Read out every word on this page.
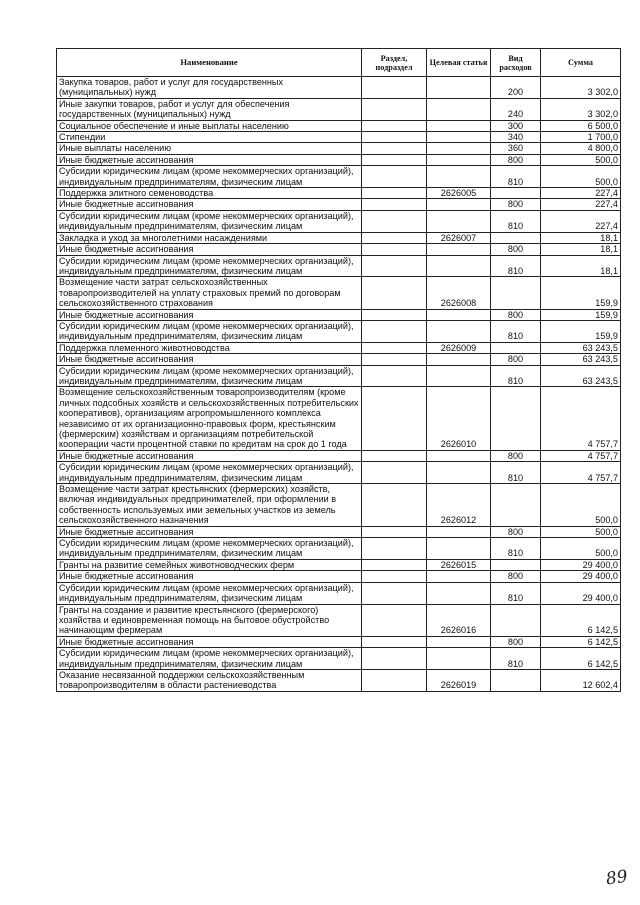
Наименование	Раздел, подраздел	Целевая статья	Вид расходов	Сумма
Закупка товаров, работ и услуг для государственных (муниципальных) нужд			200	3 302,0
Иные закупки товаров, работ и услуг для обеспечения государственных (муниципальных) нужд			240	3 302,0
Социальное обеспечение и иные выплаты населению			300	6 500,0
Стипендии			340	1 700,0
Иные выплаты населению			360	4 800,0
Иные бюджетные ассигнования			800	500,0
Субсидии юридическим лицам (кроме некоммерческих организаций), индивидуальным предпринимателям, физическим лицам			810	500,0
Поддержка элитного семеноводства		2626005		227,4
Иные бюджетные ассигнования			800	227,4
Субсидии юридическим лицам (кроме некоммерческих организаций), индивидуальным предпринимателям, физическим лицам			810	227,4
Закладка и уход за многолетними насаждениями		2626007		18,1
Иные бюджетные ассигнования			800	18,1
Субсидии юридическим лицам (кроме некоммерческих организаций), индивидуальным предпринимателям, физическим лицам			810	18,1
Возмещение части затрат сельскохозяйственных товаропроизводителей на уплату страховых премий по договорам сельскохозяйственного страхования		2626008		159,9
Иные бюджетные ассигнования			800	159,9
Субсидии юридическим лицам (кроме некоммерческих организаций), индивидуальным предпринимателям, физическим лицам			810	159,9
Поддержка племенного животноводства		2626009		63 243,5
Иные бюджетные ассигнования			800	63 243,5
Субсидии юридическим лицам (кроме некоммерческих организаций), индивидуальным предпринимателям, физическим лицам			810	63 243,5
Возмещение сельскохозяйственным товаропроизводителям (кроме личных подсобных хозяйств и сельскохозяйственных потребительских кооперативов), организациям агропромышленного комплекса независимо от их организационно-правовых форм, крестьянским (фермерским) хозяйствам и организациям потребительской кооперации части процентной ставки по кредитам на срок до 1 года		2626010		4 757,7
Иные бюджетные ассигнования			800	4 757,7
Субсидии юридическим лицам (кроме некоммерческих организаций), индивидуальным предпринимателям, физическим лицам			810	4 757,7
Возмещение части затрат крестьянских (фермерских) хозяйств, включая индивидуальных предпринимателей, при оформлении в собственность используемых ими земельных участков из земель сельскохозяйственного назначения		2626012		500,0
Иные бюджетные ассигнования			800	500,0
Субсидии юридическим лицам (кроме некоммерческих организаций), индивидуальным предпринимателям, физическим лицам			810	500,0
Гранты на развитие семейных животноводческих ферм		2626015		29 400,0
Иные бюджетные ассигнования			800	29 400,0
Субсидии юридическим лицам (кроме некоммерческих организаций), индивидуальным предпринимателям, физическим лицам			810	29 400,0
Гранты на создание и развитие крестьянского (фермерского) хозяйства и единовременная помощь на бытовое обустройство начинающим фермерам		2626016		6 142,5
Иные бюджетные ассигнования			800	6 142,5
Субсидии юридическим лицам (кроме некоммерческих организаций), индивидуальным предпринимателям, физическим лицам			810	6 142,5
Оказание несвязанной поддержки сельскохозяйственным товаропроизводителям в области растениеводства		2626019		12 602,4
89
